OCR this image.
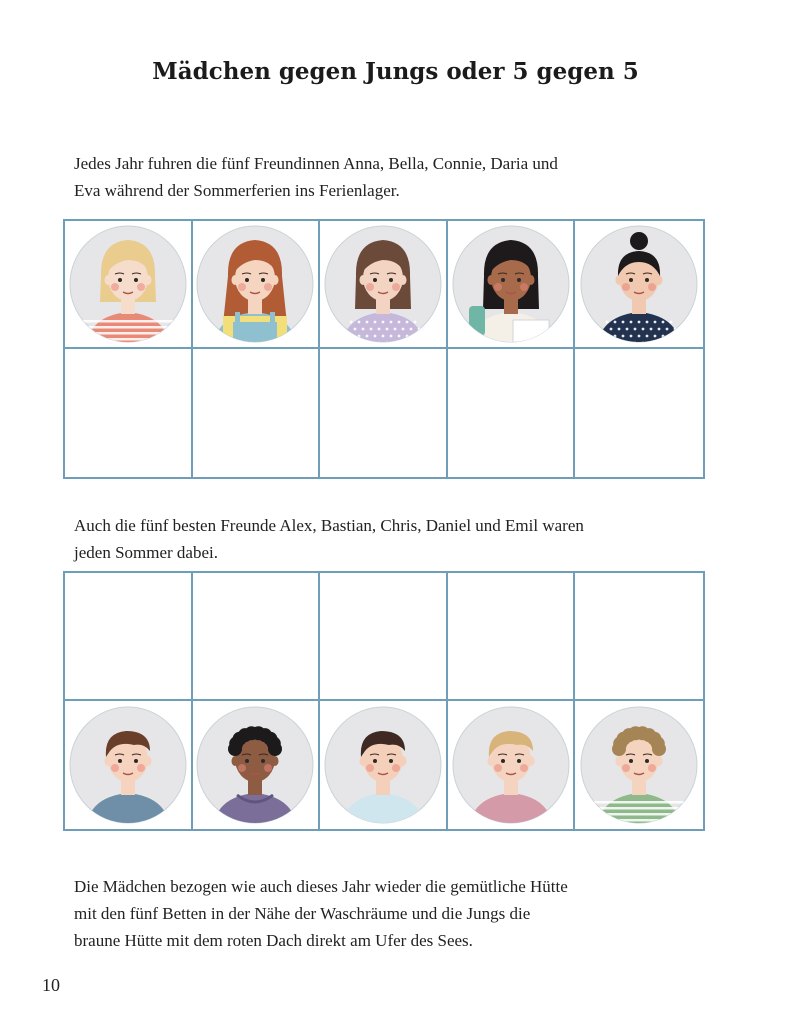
Mädchen gegen Jungs oder 5 gegen 5
Jedes Jahr fuhren die fünf Freundinnen Anna, Bella, Connie, Daria und
Eva während der Sommerferien ins Ferienlager.
Auch die fünf besten Freunde Alex, Bastian, Chris, Daniel und Emil waren
jeden Sommer dabei.
Die Mädchen bezogen wie auch dieses Jahr wieder die gemütliche Hütte
mit den fünf Betten in der Nähe der Waschräume und die Jungs die
braune Hütte mit dem roten Dach direkt am Ufer des Sees.
10
